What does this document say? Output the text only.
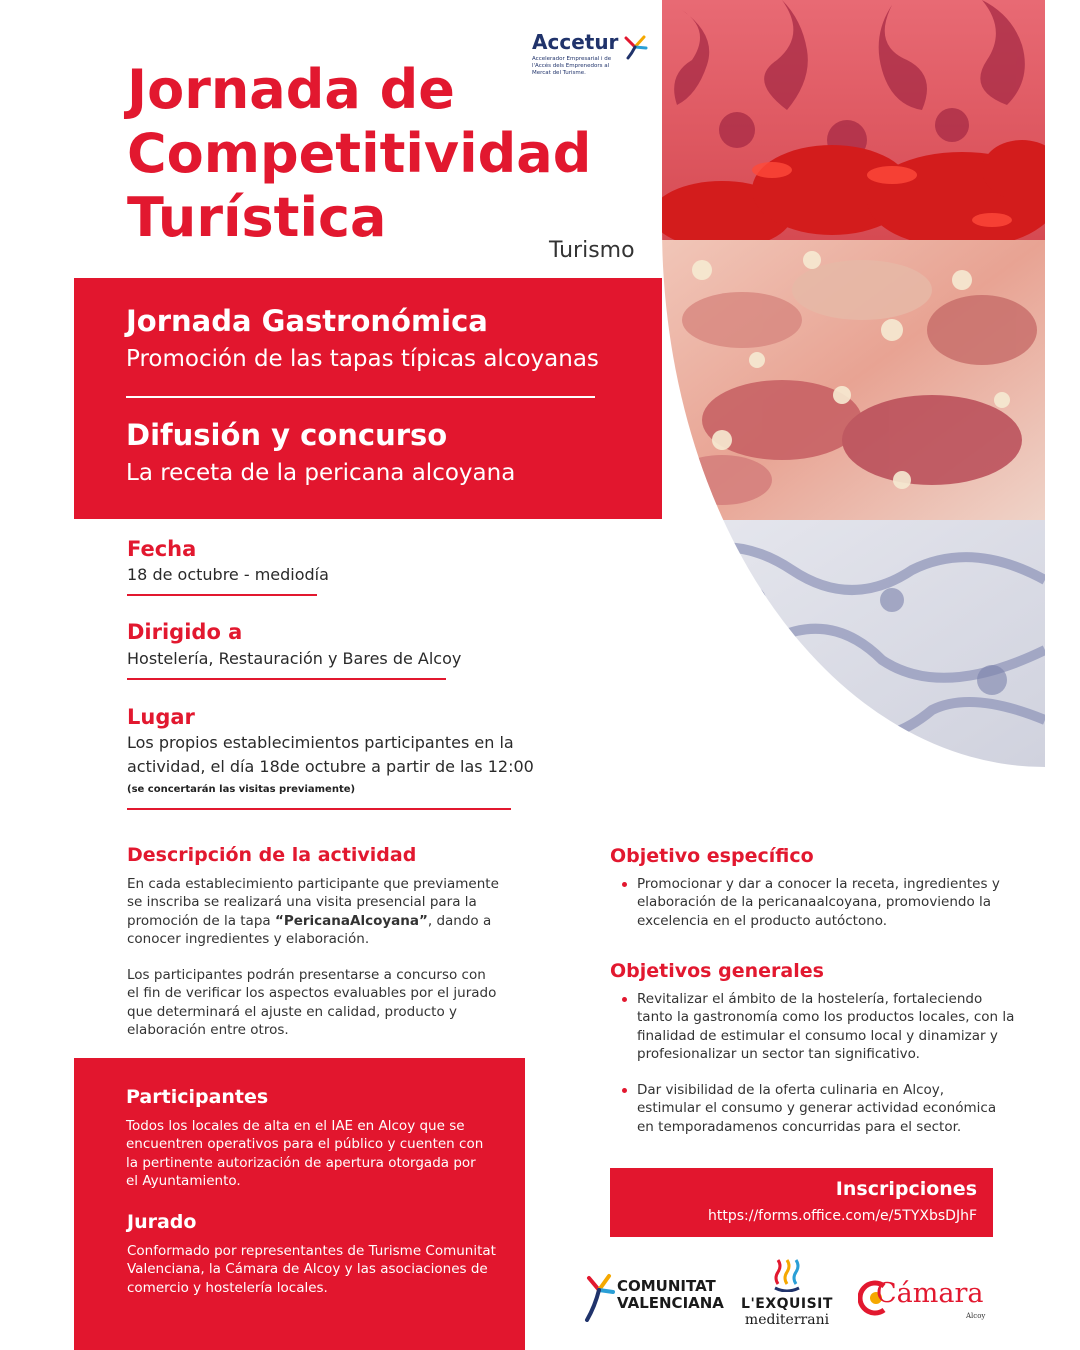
Jornada de
Competitividad
Turística
Turismo
Accetur
Accelerador Empresarial i de l'Accés dels Emprenedors al Mercat del Turisme.
Jornada Gastronómica
Promoción de las tapas típicas alcoyanas
Difusión y concurso
La receta de la pericana alcoyana
Fecha
18 de octubre - mediodía
Dirigido a
Hostelería, Restauración y Bares de Alcoy
Lugar
Los propios establecimientos participantes en la
actividad, el día 18de octubre a partir de las 12:00
(se concertarán las visitas previamente)
Descripción de la actividad
En cada establecimiento participante que previamente
se inscriba se realizará una visita presencial para la
promoción de la tapa “PericanaAlcoyana”, dando a
conocer ingredientes y elaboración.
Los participantes podrán presentarse a concurso con
el fin de verificar los aspectos evaluables por el jurado
que determinará el ajuste en calidad, producto y
elaboración entre otros.
Participantes
Todos los locales de alta en el IAE en Alcoy que se
encuentren operativos para el público y cuenten con
la pertinente autorización de apertura otorgada por
el Ayuntamiento.
Jurado
Conformado por representantes de Turisme Comunitat
Valenciana, la Cámara de Alcoy y las asociaciones de
comercio y hostelería locales.
Objetivo específico
Promocionar y dar a conocer la receta, ingredientes y
elaboración de la pericanaalcoyana, promoviendo la
excelencia en el producto autóctono.
Objetivos generales
Revitalizar el ámbito de la hostelería, fortaleciendo
tanto la gastronomía como los productos locales, con la
finalidad de estimular el consumo local y dinamizar y
profesionalizar un sector tan significativo.
Dar visibilidad de la oferta culinaria en Alcoy,
estimular el consumo y generar actividad económica
en temporadamenos concurridas para el sector.
Inscripciones
https://forms.office.com/e/5TYXbsDJhF
COMUNITAT
VALENCIANA	L'EXQUISIT
mediterrani
Cámara
Alcoy
